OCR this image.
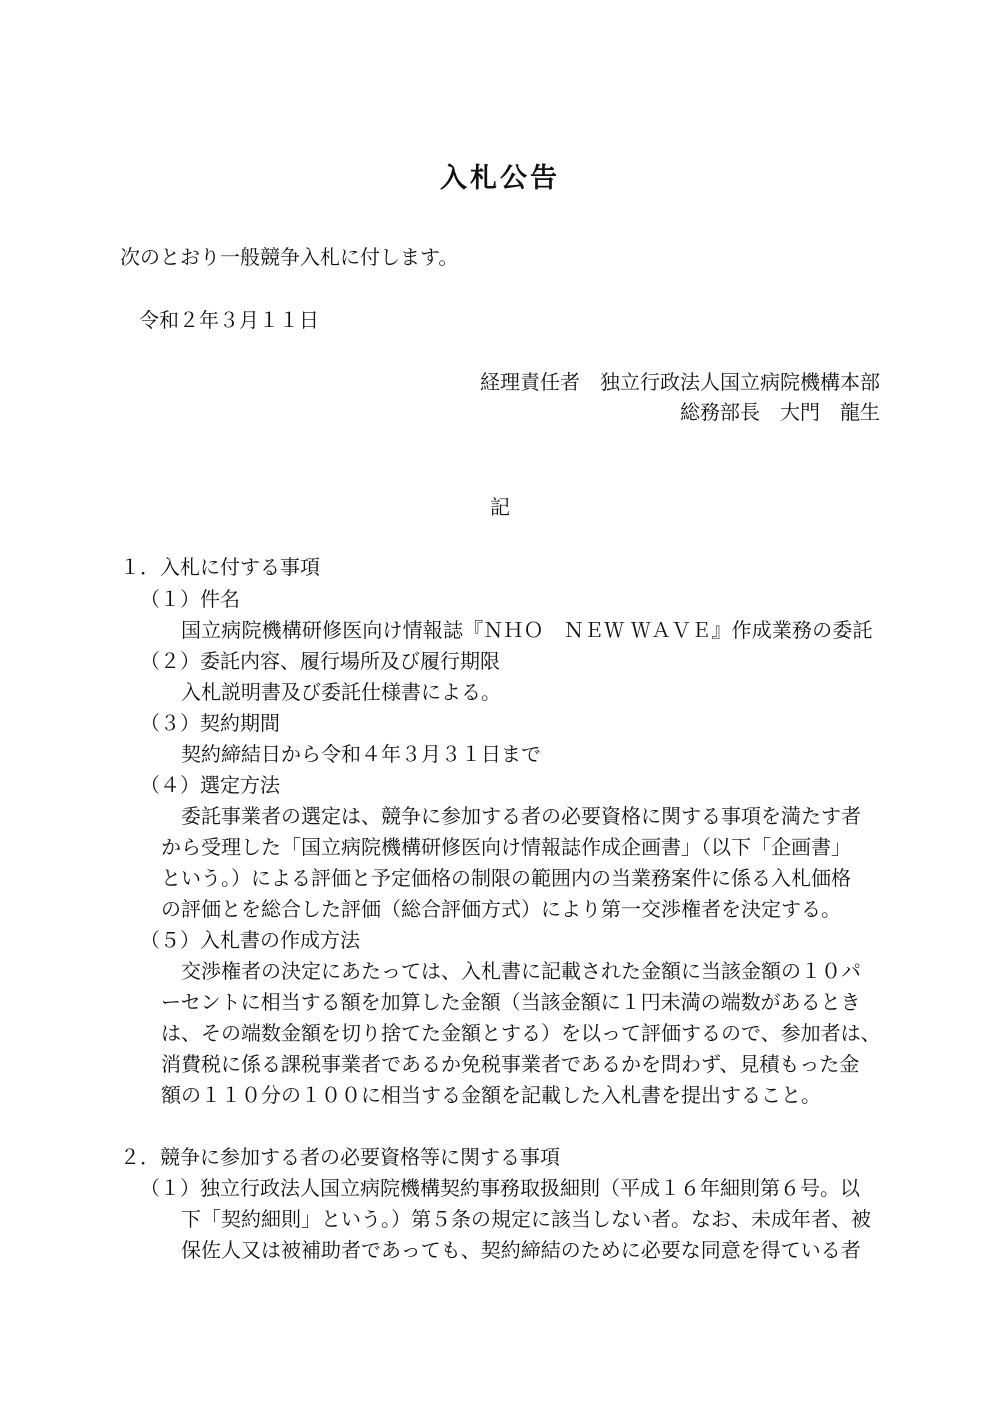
入札公告

次のとおり一般競争入札に付します。

令和２年３月１１日

経理責任者　独立行政法人国立病院機構本部

総務部長　大門　龍生

記

１．入札に付する事項

（１）件名

国立病院機構研修医向け情報誌『ＮＨＯ　ＮＥＷ ＷＡＶＥ』作成業務の委託

（２）委託内容、履行場所及び履行期限

入札説明書及び委託仕様書による。

（３）契約期間

契約締結日から令和４年３月３１日まで

（４）選定方法

委託事業者の選定は、競争に参加する者の必要資格に関する事項を満たす者

から受理した「国立病院機構研修医向け情報誌作成企画書」（以下「企画書」

という。）による評価と予定価格の制限の範囲内の当業務案件に係る入札価格

の評価とを総合した評価（総合評価方式）により第一交渉権者を決定する。

（５）入札書の作成方法

交渉権者の決定にあたっては、入札書に記載された金額に当該金額の１０パ

ーセントに相当する額を加算した金額（当該金額に１円未満の端数があるとき

は、その端数金額を切り捨てた金額とする）を以って評価するので、参加者は、

消費税に係る課税事業者であるか免税事業者であるかを問わず、見積もった金

額の１１０分の１００に相当する金額を記載した入札書を提出すること。

２．競争に参加する者の必要資格等に関する事項

（１）独立行政法人国立病院機構契約事務取扱細則（平成１６年細則第６号。以

下「契約細則」という。）第５条の規定に該当しない者。なお、未成年者、被

保佐人又は被補助者であっても、契約締結のために必要な同意を得ている者
